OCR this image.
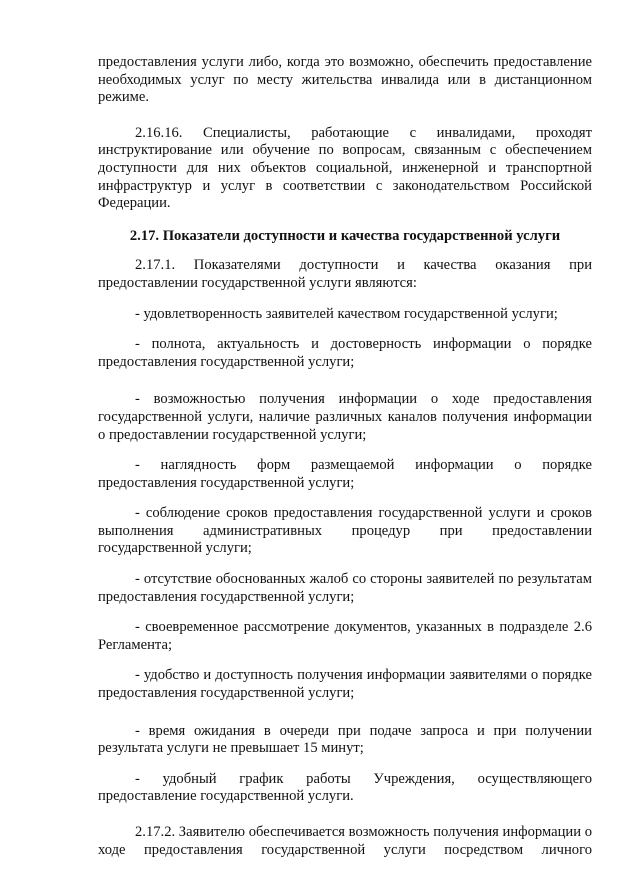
предоставления услуги либо, когда это возможно, обеспечить предоставление необходимых услуг по месту жительства инвалида или в дистанционном режиме.

2.16.16. Специалисты, работающие с инвалидами, проходят инструктирование или обучение по вопросам, связанным с обеспечением доступности для них объектов социальной, инженерной и транспортной инфраструктур и услуг в соответствии с законодательством Российской Федерации.

2.17. Показатели доступности и качества государственной услуги

2.17.1. Показателями доступности и качества оказания при предоставлении государственной услуги являются:

- удовлетворенность заявителей качеством государственной услуги;

- полнота, актуальность и достоверность информации о порядке предоставления государственной услуги;

- возможностью получения информации о ходе предоставления государственной услуги, наличие различных каналов получения информации о предоставлении государственной услуги;

- наглядность форм размещаемой информации о порядке предоставления государственной услуги;

- соблюдение сроков предоставления государственной услуги и сроков выполнения административных процедур при предоставлении государственной услуги;

- отсутствие обоснованных жалоб со стороны заявителей по результатам предоставления государственной услуги;

- своевременное рассмотрение документов, указанных в подразделе 2.6 Регламента;

- удобство и доступность получения информации заявителями о порядке предоставления государственной услуги;

- время ожидания в очереди при подаче запроса и при получении результата услуги не превышает 15 минут;

- удобный график работы Учреждения, осуществляющего предоставление государственной услуги.

2.17.2. Заявителю обеспечивается возможность получения информации о ходе предоставления государственной услуги посредством личного
